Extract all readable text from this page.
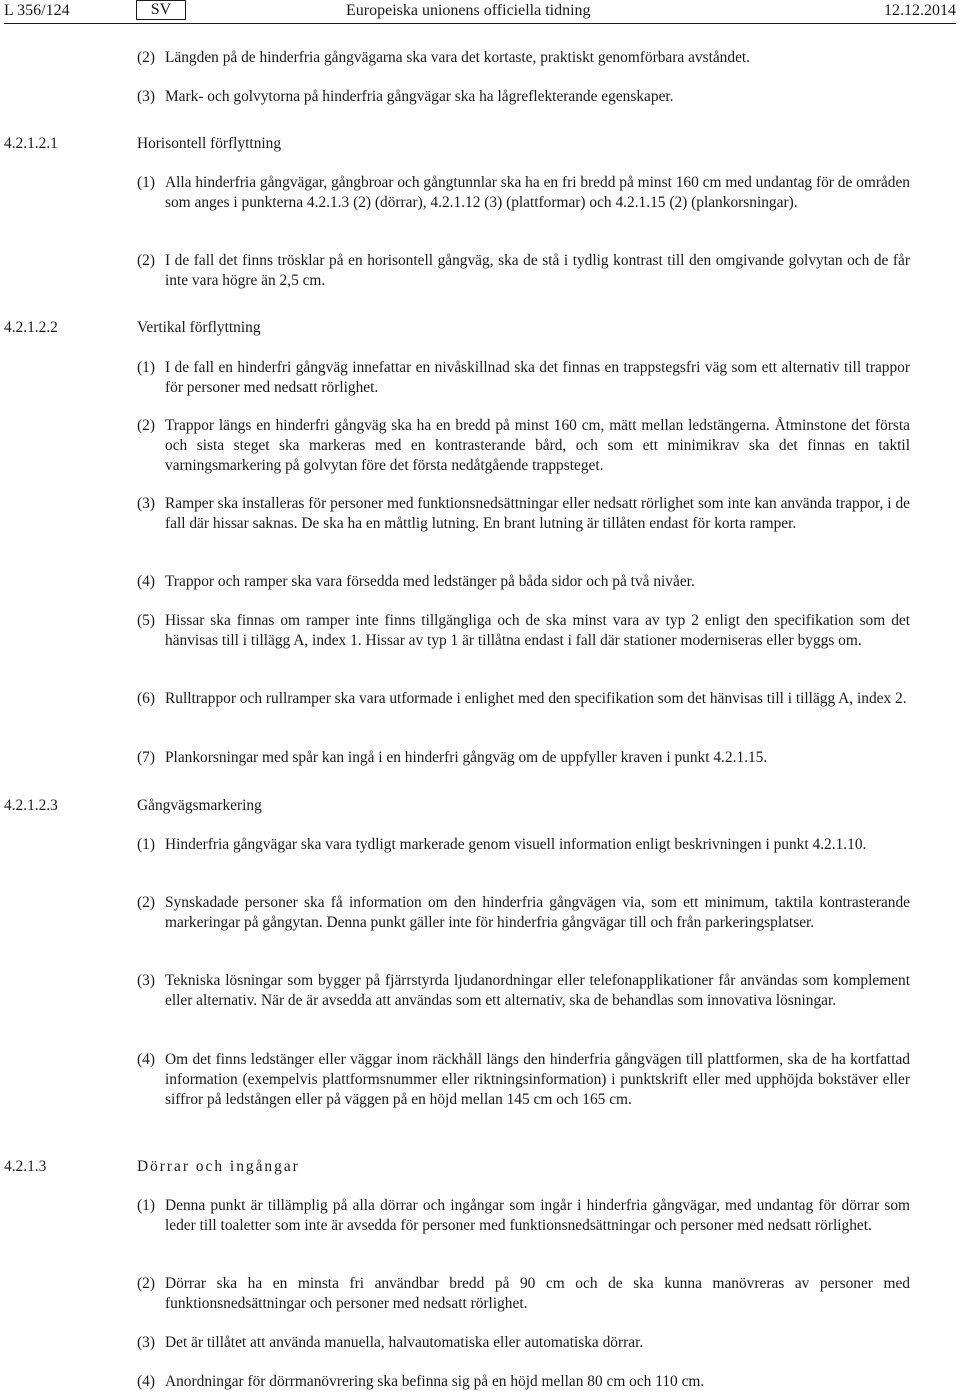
L 356/124	SV	Europeiska unionens officiella tidning	12.12.2014
(2) Längden på de hinderfria gångvägarna ska vara det kortaste, praktiskt genomförbara avståndet.
(3) Mark- och golvytorna på hinderfria gångvägar ska ha lågreflekterande egenskaper.
4.2.1.2.1	Horisontell förflyttning
(1) Alla hinderfria gångvägar, gångbroar och gångtunnlar ska ha en fri bredd på minst 160 cm med undantag för de områden som anges i punkterna 4.2.1.3 (2) (dörrar), 4.2.1.12 (3) (plattformar) och 4.2.1.15 (2) (plankorsningar).
(2) I de fall det finns trösklar på en horisontell gångväg, ska de stå i tydlig kontrast till den omgivande golvytan och de får inte vara högre än 2,5 cm.
4.2.1.2.2	Vertikal förflyttning
(1) I de fall en hinderfri gångväg innefattar en nivåskillnad ska det finnas en trappstegsfri väg som ett alternativ till trappor för personer med nedsatt rörlighet.
(2) Trappor längs en hinderfri gångväg ska ha en bredd på minst 160 cm, mätt mellan ledstängerna. Åtminstone det första och sista steget ska markeras med en kontrasterande bård, och som ett minimikrav ska det finnas en taktil varningsmarkering på golvytan före det första nedåtgående trappsteget.
(3) Ramper ska installeras för personer med funktionsnedsättningar eller nedsatt rörlighet som inte kan använda trappor, i de fall där hissar saknas. De ska ha en måttlig lutning. En brant lutning är tillåten endast för korta ramper.
(4) Trappor och ramper ska vara försedda med ledstänger på båda sidor och på två nivåer.
(5) Hissar ska finnas om ramper inte finns tillgängliga och de ska minst vara av typ 2 enligt den specifikation som det hänvisas till i tillägg A, index 1. Hissar av typ 1 är tillåtna endast i fall där stationer moderniseras eller byggs om.
(6) Rulltrappor och rullramper ska vara utformade i enlighet med den specifikation som det hänvisas till i tillägg A, index 2.
(7) Plankorsningar med spår kan ingå i en hinderfri gångväg om de uppfyller kraven i punkt 4.2.1.15.
4.2.1.2.3	Gångvägsmarkering
(1) Hinderfria gångvägar ska vara tydligt markerade genom visuell information enligt beskrivningen i punkt 4.2.1.10.
(2) Synskadade personer ska få information om den hinderfria gångvägen via, som ett minimum, taktila kontrasterande markeringar på gångytan. Denna punkt gäller inte för hinderfria gångvägar till och från parkeringsplatser.
(3) Tekniska lösningar som bygger på fjärrstyrda ljudanordningar eller telefonapplikationer får användas som komplement eller alternativ. När de är avsedda att användas som ett alternativ, ska de behandlas som innovativa lösningar.
(4) Om det finns ledstänger eller väggar inom räckhåll längs den hinderfria gångvägen till plattformen, ska de ha kortfattad information (exempelvis plattformsnummer eller riktningsinformation) i punktskrift eller med upphöjda bokstäver eller siffror på ledstången eller på väggen på en höjd mellan 145 cm och 165 cm.
4.2.1.3	Dörrar och ingångar
(1) Denna punkt är tillämplig på alla dörrar och ingångar som ingår i hinderfria gångvägar, med undantag för dörrar som leder till toaletter som inte är avsedda för personer med funktionsnedsättningar och personer med nedsatt rörlighet.
(2) Dörrar ska ha en minsta fri användbar bredd på 90 cm och de ska kunna manövreras av personer med funktionsnedsättningar och personer med nedsatt rörlighet.
(3) Det är tillåtet att använda manuella, halvautomatiska eller automatiska dörrar.
(4) Anordningar för dörrmanövrering ska befinna sig på en höjd mellan 80 cm och 110 cm.
